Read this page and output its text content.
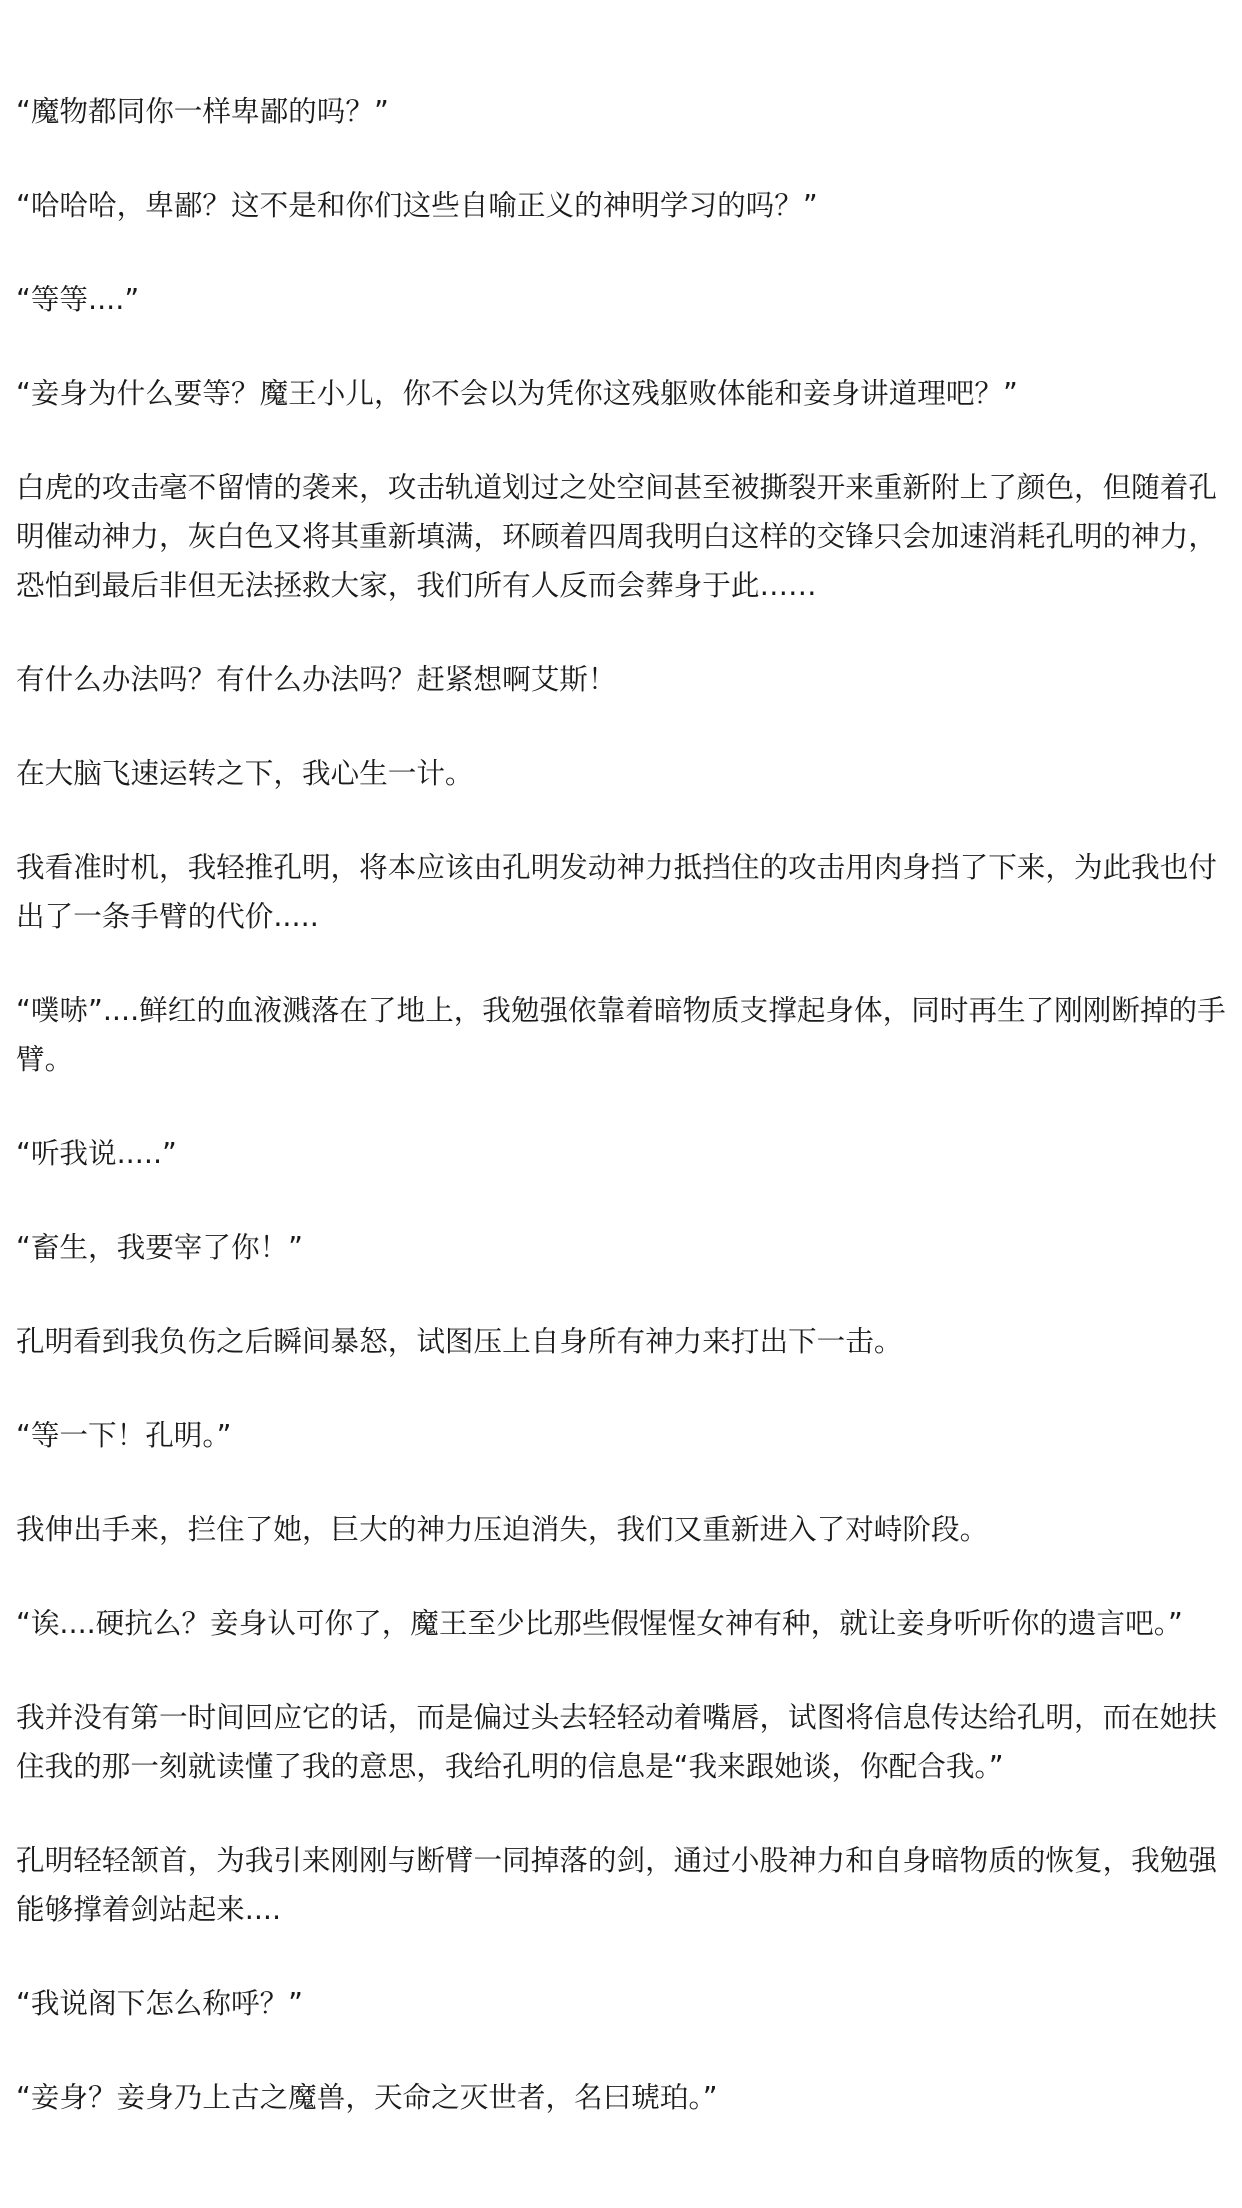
“魔物都同你一样卑鄙的吗？”

“哈哈哈，卑鄙？这不是和你们这些自喻正义的神明学习的吗？”

“等等....”

“妾身为什么要等？魔王小儿，你不会以为凭你这残躯败体能和妾身讲道理吧？”

白虎的攻击毫不留情的袭来，攻击轨道划过之处空间甚至被撕裂开来重新附上了颜色，但随着孔明催动神力，灰白色又将其重新填满，环顾着四周我明白这样的交锋只会加速消耗孔明的神力，恐怕到最后非但无法拯救大家，我们所有人反而会葬身于此……

有什么办法吗？有什么办法吗？赶紧想啊艾斯！

在大脑飞速运转之下，我心生一计。

我看准时机，我轻推孔明，将本应该由孔明发动神力抵挡住的攻击用肉身挡了下来，为此我也付出了一条手臂的代价.....

“噗哧”....鲜红的血液溅落在了地上，我勉强依靠着暗物质支撑起身体，同时再生了刚刚断掉的手臂。

“听我说.....”

“畜生，我要宰了你！”

孔明看到我负伤之后瞬间暴怒，试图压上自身所有神力来打出下一击。

“等一下！孔明。”

我伸出手来，拦住了她，巨大的神力压迫消失，我们又重新进入了对峙阶段。

“诶....硬抗么？妾身认可你了，魔王至少比那些假惺惺女神有种，就让妾身听听你的遗言吧。”

我并没有第一时间回应它的话，而是偏过头去轻轻动着嘴唇，试图将信息传达给孔明，而在她扶住我的那一刻就读懂了我的意思，我给孔明的信息是“我来跟她谈，你配合我。”

孔明轻轻颔首，为我引来刚刚与断臂一同掉落的剑，通过小股神力和自身暗物质的恢复，我勉强能够撑着剑站起来....

“我说阁下怎么称呼？”

“妾身？妾身乃上古之魔兽，天命之灭世者，名曰琥珀。”
